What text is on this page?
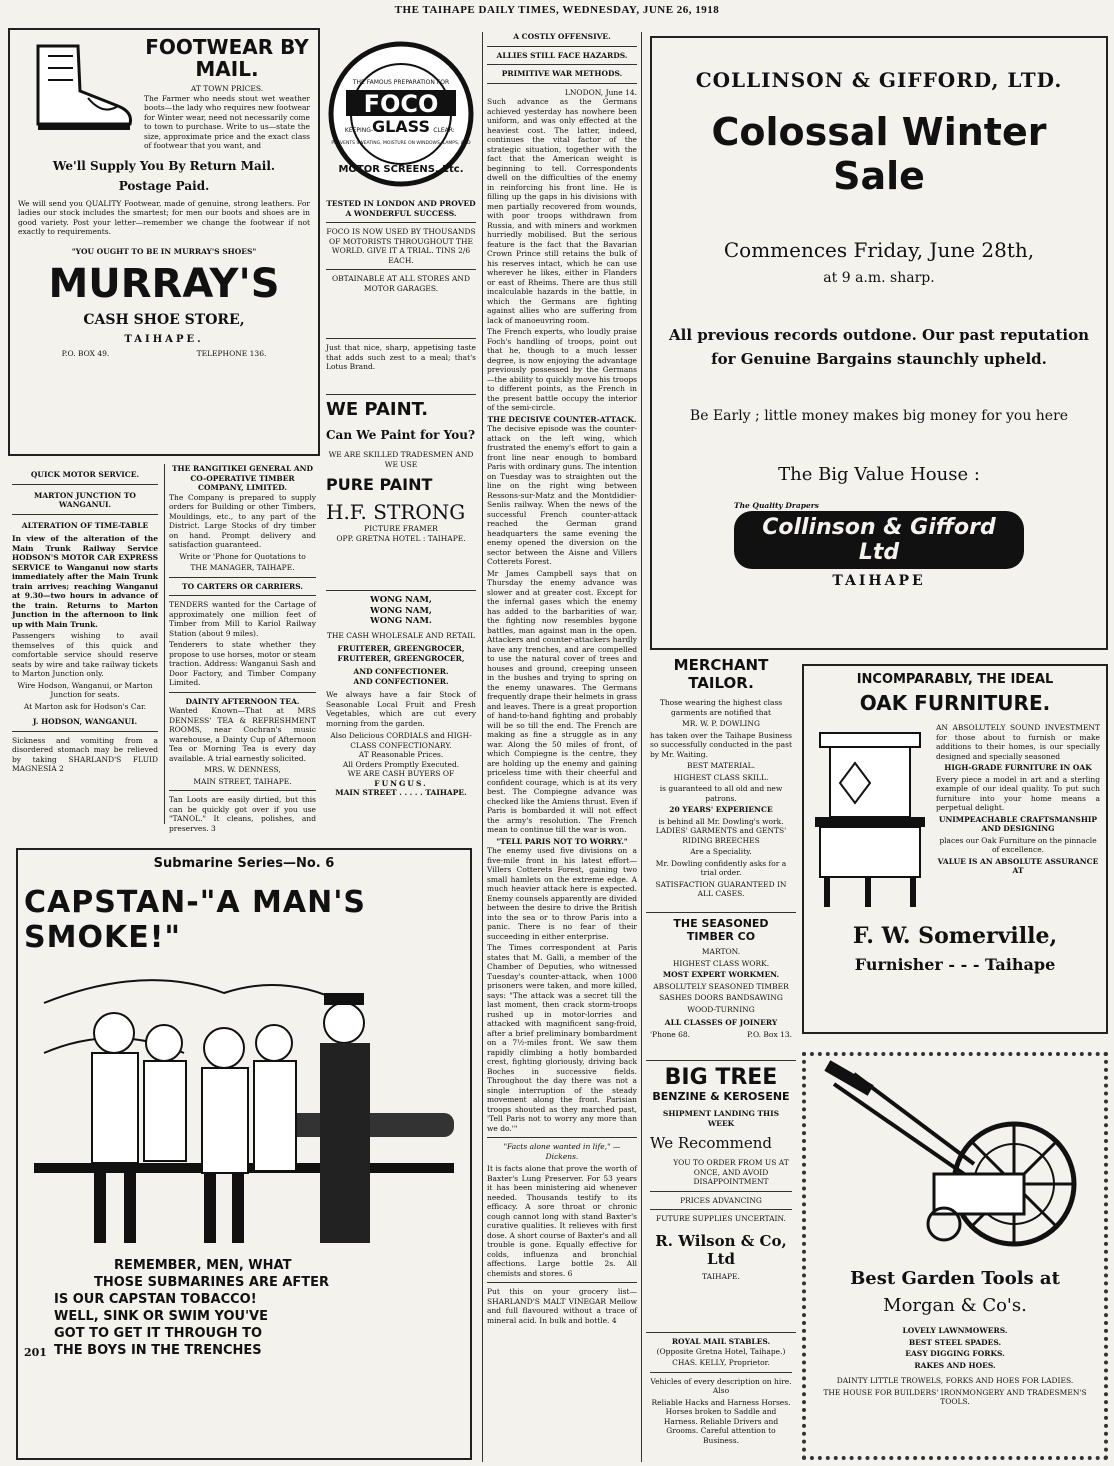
THE TAIHAPE DAILY TIMES, WEDNESDAY, JUNE 26, 1918
FOOTWEAR BY
MAIL.
AT TOWN PRICES.
The Farmer who needs stout wet weather boots—the lady who requires new footwear for Winter wear, need not necessarily come to town to purchase. Write to us—state the size, approximate price and the exact class of footwear that you want, and
We'll Supply You By Return Mail.
Postage Paid.
We will send you QUALITY Footwear, made of genuine, strong leathers. For ladies our stock includes the smartest; for men our boots and shoes are in good variety. Post your letter—remember we change the footwear if not exactly to requirements.
"YOU OUGHT TO BE IN MURRAY'S SHOES"
MURRAY'S
CASH SHOE STORE,
TAIHAPE.
P.O. BOX 49.	TELEPHONE 136.
FOCO
GLASS
THE FAMOUS PREPARATION FOR
KEEPING-	CLEAR:
PREVENTS SWEATING, MOISTURE ON WINDOWS, LAMPS, AND
MOTOR SCREENS, Etc.
TESTED IN LONDON AND PROVED A WONDERFUL SUCCESS.
FOCO IS NOW USED BY THOUSANDS OF MOTORISTS THROUGHOUT THE WORLD. GIVE IT A TRIAL. TINS 2/6 EACH.
OBTAINABLE AT ALL STORES AND MOTOR GARAGES.
Just that nice, sharp, appetising taste that adds such zest to a meal; that's Lotus Brand.
WE PAINT.
Can We Paint for You?
WE ARE SKILLED TRADESMEN AND WE USE
PURE PAINT
H.F. STRONG
PICTURE FRAMER
OPP. GRETNA HOTEL : TAIHAPE.
WONG NAM,
WONG NAM,
WONG NAM.
THE CASH WHOLESALE AND RETAIL
FRUITERER, GREENGROCER,
FRUITERER, GREENGROCER,
AND CONFECTIONER.
AND CONFECTIONER.
We always have a fair Stock of Seasonable Local Fruit and Fresh Vegetables, which are cut every morning from the garden.
Also Delicious CORDIALS and HIGH-CLASS CONFECTIONARY.
AT Reasonable Prices.
All Orders Promptly Executed.
WE ARE CASH BUYERS OF
FUNGUS.
MAIN STREET . . . . . TAIHAPE.
A COSTLY OFFENSIVE.
ALLIES STILL FACE HAZARDS.
PRIMITIVE WAR METHODS.
LNODON, June 14.

Such advance as the Germans achieved yesterday has nowhere been uniform, and was only effected at the heaviest cost. The latter, indeed, continues the vital factor of the strategic situation, together with the fact that the American weight is beginning to tell. Correspondents dwell on the difficulties of the enemy in reinforcing his front line. He is filling up the gaps in his divisions with men partially recovered from wounds, with poor troops withdrawn from Russia, and with miners and workmen hurriedly mobilised. But the serious feature is the fact that the Bavarian Crown Prince still retains the bulk of his reserves intact, which he can use wherever he likes, either in Flanders or east of Rheims. There are thus still incalculable hazards in the battle, in which the Germans are fighting against allies who are suffering from lack of manoeuvring room.

The French experts, who loudly praise Foch's handling of troops, point out that he, though to a much lesser degree, is now enjoying the advantage previously possessed by the Germans—the ability to quickly move his troops to different points, as the French in the present battle occupy the interior of the semi-circle.

THE DECISIVE COUNTER-ATTACK.

The decisive episode was the counter-attack on the left wing, which frustrated the enemy's effort to gain a front line near enough to bombard Paris with ordinary guns. The intention on Tuesday was to straighten out the line on the right wing between Ressons-sur-Matz and the Montdidier-Senlis railway. When the news of the successful French counter-attack reached the German grand headquarters the same evening the enemy opened the diversion on the sector between the Aisne and Villers Cotterets Forest.

Mr James Campbell says that on Thursday the enemy advance was slower and at greater cost. Except for the infernal gases which the enemy has added to the barbarities of war, the fighting now resembles bygone battles, man against man in the open. Attackers and counter-attackers hardly have any trenches, and are compelled to use the natural cover of trees and houses and ground, creeping unseen in the bushes and trying to spring on the enemy unawares. The Germans frequently drape their helmets in grass and leaves. There is a great proportion of hand-to-hand fighting and probably will be so till the end. The French are making as fine a struggle as in any war. Along the 50 miles of front, of which Compiegne is the centre, they are holding up the enemy and gaining priceless time with their cheerful and confident courage, which is at its very best. The Compiegne advance was checked like the Amiens thrust. Even if Paris is bombarded it will not effect the army's resolution. The French mean to continue till the war is won.

"TELL PARIS NOT TO WORRY."

The enemy used five divisions on a five-mile front in his latest effort—Villers Cotterets Forest, gaining two small hamlets on the extreme edge. A much heavier attack here is expected. Enemy counsels apparently are divided between the desire to drive the British into the sea or to throw Paris into a panic. There is no fear of their succeeding in either enterprise.

The Times correspondent at Paris states that M. Galli, a member of the Chamber of Deputies, who witnessed Tuesday's counter-attack, when 1000 prisoners were taken, and more killed, says: "The attack was a secret till the last moment, then crack storm-troops rushed up in motor-lorries and attacked with magnificent sang-froid, after a brief preliminary bombardment on a 7½-miles front. We saw them rapidly climbing a hotly bombarded crest, fighting gloriously, driving back Boches in successive fields. Throughout the day there was not a single interruption of the steady movement along the front. Parisian troops shouted as they marched past, 'Tell Paris not to worry any more than we do.'"

"Facts alone wanted in life," — Dickens.

It is facts alone that prove the worth of Baxter's Lung Preserver. For 53 years it has been ministering aid whenever needed. Thousands testify to its efficacy. A sore throat or chronic cough cannot long with stand Baxter's curative qualities. It relieves with first dose. A short course of Baxter's and all trouble is gone. Equally effective for colds, influenza and bronchial affections. Large bottle 2s. All chemists and stores. 6

Put this on your grocery list—SHARLAND'S MALT VINEGAR Mellow and full flavoured without a trace of mineral acid. In bulk and bottle. 4

COLLINSON & GIFFORD, LTD.
Colossal Winter Sale
Commences Friday, June 28th,
at 9 a.m. sharp.
All previous records outdone. Our past reputation
for Genuine Bargains staunchly upheld.
Be Early ; little money makes big money for you here
The Big Value House :
The Quality Drapers
Collinson & Gifford Ltd
TAIHAPE
QUICK MOTOR SERVICE.
MARTON JUNCTION TO WANGANUI.
ALTERATION OF TIME-TABLE

In view of the alteration of the Main Trunk Railway Service HODSON'S MOTOR CAR EXPRESS SERVICE to Wanganui now starts immediately after the Main Trunk train arrives; reaching Wanganui at 9.30—two hours in advance of the train. Returns to Marton Junction in the afternoon to link up with Main Trunk.

Passengers wishing to avail themselves of this quick and comfortable service should reserve seats by wire and take railway tickets to Marton Junction only.

Wire Hodson, Wanganui, or Marton Junction for seats.

At Marton ask for Hodson's Car.

J. HODSON, WANGANUI.

Sickness and vomiting from a disordered stomach may be relieved by taking SHARLAND'S FLUID MAGNESIA 2

THE RANGITIKEI GENERAL AND CO-OPERATIVE TIMBER COMPANY, LIMITED.

The Company is prepared to supply orders for Building or other Timbers, Mouldings, etc., to any part of the District. Large Stocks of dry timber on hand. Prompt delivery and satisfaction guaranteed.

Write or 'Phone for Quotations to

THE MANAGER, TAIHAPE.

TO CARTERS OR CARRIERS.

TENDERS wanted for the Cartage of approximately one million feet of Timber from Mill to Kariol Railway Station (about 9 miles).

Tenderers to state whether they propose to use horses, motor or steam traction. Address: Wanganui Sash and Door Factory, and Timber Company Limited.

DAINTY AFTERNOON TEA.

Wanted Known—That at MRS DENNESS' TEA & REFRESHMENT ROOMS, near Cochran's music warehouse, a Dainty Cup of Afternoon Tea or Morning Tea is every day available. A trial earnestly solicited.

MRS. W. DENNESS,

MAIN STREET, TAIHAPE.

Tan Loots are easily dirtied, but this can be quickly got over if you use "TANOL." It cleans, polishes, and preserves. 3

Submarine Series—No. 6
CAPSTAN-"A MAN'S SMOKE!"
201
REMEMBER, MEN, WHAT
THOSE SUBMARINES ARE AFTER
IS OUR CAPSTAN TOBACCO!
WELL, SINK OR SWIM YOU'VE
GOT TO GET IT THROUGH TO
THE BOYS IN THE TRENCHES
MERCHANT TAILOR.

Those wearing the highest class garments are notified that

MR. W. P. DOWLING

has taken over the Taihape Business so successfully conducted in the past by Mr. Waiting.

BEST MATERIAL.

HIGHEST CLASS SKILL.

is guaranteed to all old and new patrons.

20 YEARS' EXPERIENCE

is behind all Mr. Dowling's work. LADIES' GARMENTS and GENTS' RIDING BREECHES

Are a Speciality.

Mr. Dowling confidently asks for a trial order.

SATISFACTION GUARANTEED IN ALL CASES.

THE SEASONED TIMBER CO

MARTON.

HIGHEST CLASS WORK.

MOST EXPERT WORKMEN.

ABSOLUTELY SEASONED TIMBER

SASHES DOORS BANDSAWING

WOOD-TURNING

ALL CLASSES OF JOINERY

'Phone 68.	P.O. Box 13.
BIG TREE
BENZINE & KEROSENE

SHIPMENT LANDING THIS WEEK

We Recommend

YOU TO ORDER FROM US AT ONCE, AND AVOID DISAPPOINTMENT

PRICES ADVANCING

FUTURE SUPPLIES UNCERTAIN.

R. Wilson & Co, Ltd

TAIHAPE.

ROYAL MAIL STABLES.

(Opposite Gretna Hotel, Taihape.)

CHAS. KELLY, Proprietor.

Vehicles of every description on hire. Also

Reliable Hacks and Harness Horses. Horses broken to Saddle and Harness. Reliable Drivers and Grooms. Careful attention to Business.

INCOMPARABLY, THE IDEAL
OAK FURNITURE.

AN ABSOLUTELY SOUND INVESTMENT for those about to furnish or make additions to their homes, is our specially designed and specially seasoned

HIGH-GRADE FURNITURE IN OAK

Every piece a model in art and a sterling example of our ideal quality. To put such furniture into your home means a perpetual delight.

UNIMPEACHABLE CRAFTSMANSHIP AND DESIGNING

places our Oak Furniture on the pinnacle of excellence.

VALUE IS AN ABSOLUTE ASSURANCE AT

F. W. Somerville,
Furnisher - - - Taihape
Best Garden Tools at
Morgan & Co's.

LOVELY LAWNMOWERS.

BEST STEEL SPADES.

EASY DIGGING FORKS.

RAKES AND HOES.

DAINTY LITTLE TROWELS, FORKS AND HOES FOR LADIES.

THE HOUSE FOR BUILDERS' IRONMONGERY AND TRADESMEN'S TOOLS.
